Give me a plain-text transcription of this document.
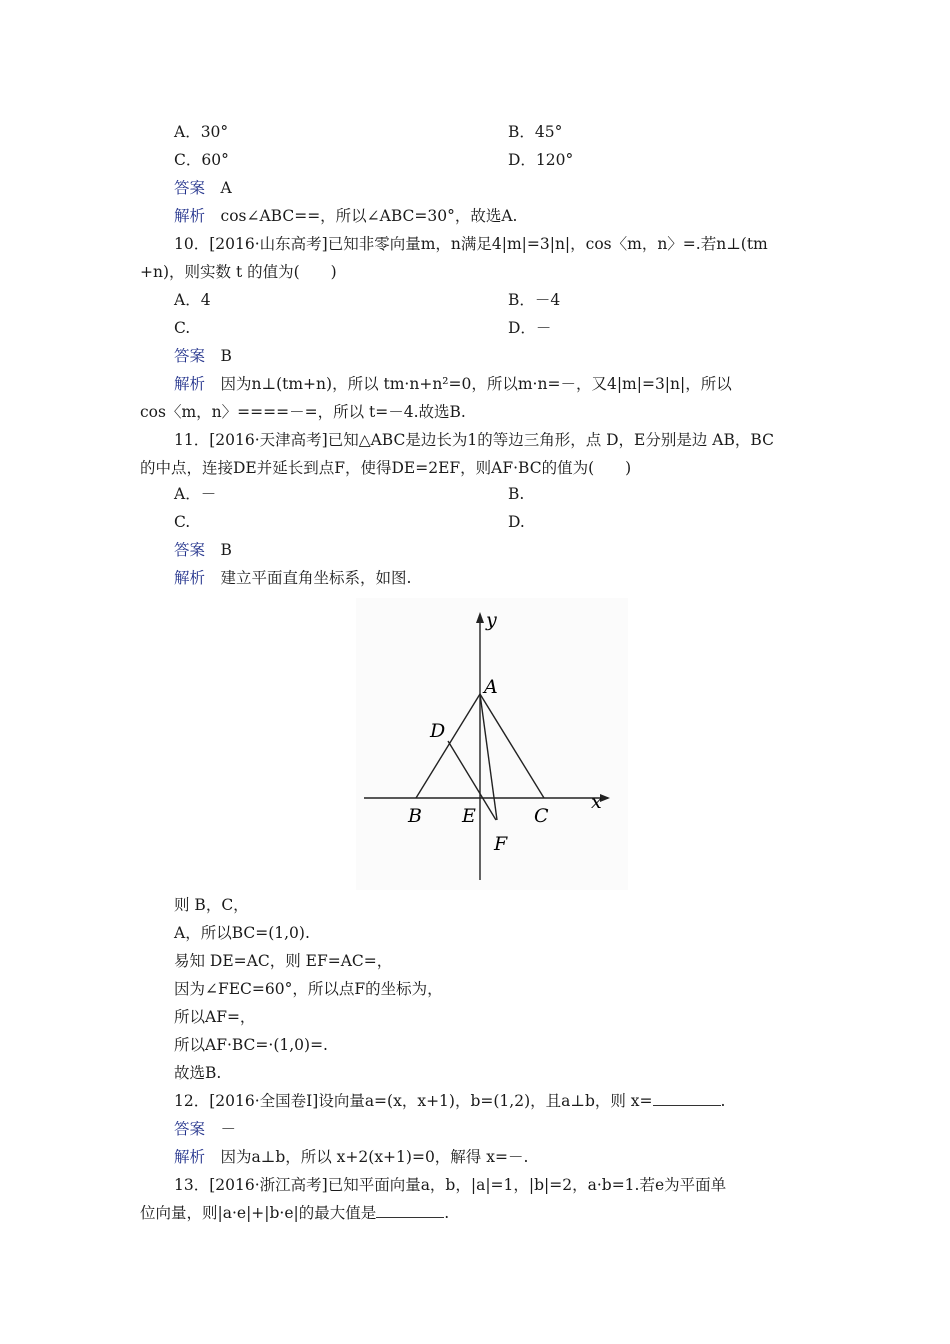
A．30°	B．45°
C．60°	D．120°
答案　A
解析　cos∠ABC==，所以∠ABC=30°，故选A.
10．[2016·山东高考]已知非零向量m，n满足4|m|=3|n|，cos〈m，n〉=.若n⊥(tm
+n)，则实数 t 的值为(　　)
A．4	B．－4
C.	D．－
答案　B
解析　因为n⊥(tm+n)，所以 tm·n+n²=0，所以m·n=－，又4|m|=3|n|，所以
cos〈m，n〉====－=，所以 t=－4.故选B.
11．[2016·天津高考]已知△ABC是边长为1的等边三角形，点 D，E分别是边 AB，BC
的中点，连接DE并延长到点F，使得DE=2EF，则AF·BC的值为(　　)
A．－	B.
C.	D.
答案　B
解析　建立平面直角坐标系，如图.
则 B，C，
A，所以BC=(1,0).
易知 DE=AC，则 EF=AC=，
因为∠FEC=60°，所以点F的坐标为，
所以AF=，
所以AF·BC=·(1,0)=.
故选B.
12．[2016·全国卷Ⅰ]设向量a=(x，x+1)，b=(1,2)，且a⊥b，则 x=	.
答案　－
解析　因为a⊥b，所以 x+2(x+1)=0，解得 x=－.
13．[2016·浙江高考]已知平面向量a，b，|a|=1，|b|=2，a·b=1.若e为平面单
位向量，则|a·e|+|b·e|的最大值是	.
y
x
A
D
B E	C
F
